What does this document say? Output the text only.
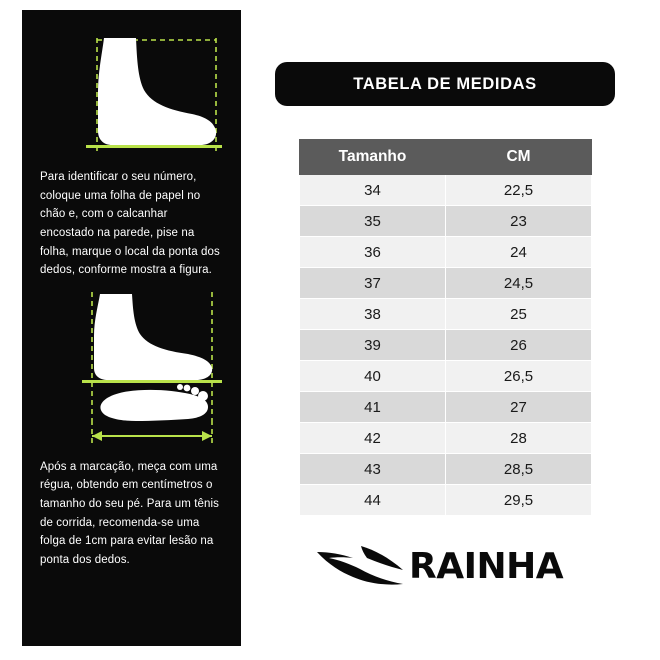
Para identificar o seu número, coloque uma folha de papel no chão e, com o calcanhar encostado na parede, pise na folha, marque o local da ponta dos dedos, conforme mostra a figura.

Após a marcação, meça com uma régua, obtendo em centímetros o tamanho do seu pé. Para um tênis de corrida, recomenda-se uma folga de 1cm para evitar lesão na ponta dos dedos.

TABELA DE MEDIDAS
Tamanho	CM
34	22,5
35	23
36	24
37	24,5
38	25
39	26
40	26,5
41	27
42	28
43	28,5
44	29,5
RAINHA
